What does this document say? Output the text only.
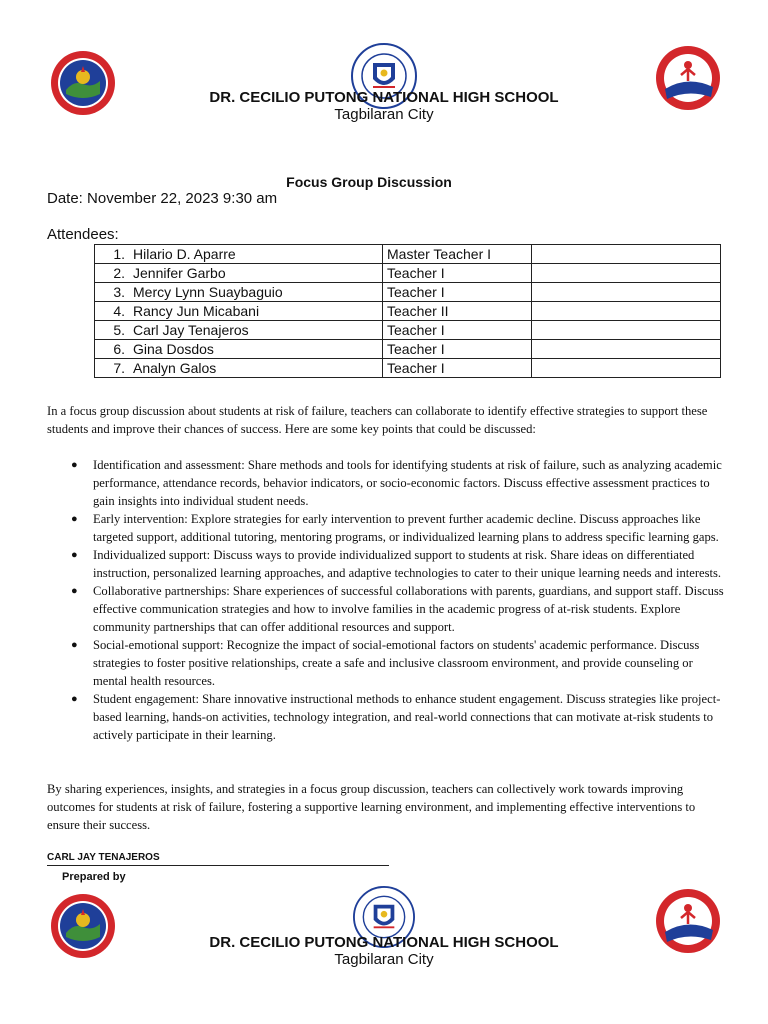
DR. CECILIO PUTONG NATIONAL HIGH SCHOOL
Tagbilaran City
Focus Group Discussion
Date: November 22, 2023 9:30 am
Attendees:
1. Hilario D. Aparre	Master Teacher I	
2. Jennifer Garbo	Teacher I	
3. Mercy Lynn Suaybaguio	Teacher I	
4. Rancy Jun Micabani	Teacher II	
5. Carl Jay Tenajeros	Teacher I	
6. Gina Dosdos	Teacher I	
7. Analyn Galos	Teacher I	
In a focus group discussion about students at risk of failure, teachers can collaborate to identify effective strategies to support these students and improve their chances of success. Here are some key points that could be discussed:
● Identification and assessment: Share methods and tools for identifying students at risk of failure, such as analyzing academic performance, attendance records, behavior indicators, or socio-economic factors. Discuss effective assessment practices to gain insights into individual student needs.
● Early intervention: Explore strategies for early intervention to prevent further academic decline. Discuss approaches like targeted support, additional tutoring, mentoring programs, or individualized learning plans to address specific learning gaps.
● Individualized support: Discuss ways to provide individualized support to students at risk. Share ideas on differentiated instruction, personalized learning approaches, and adaptive technologies to cater to their unique learning needs and interests.
● Collaborative partnerships: Share experiences of successful collaborations with parents, guardians, and support staff. Discuss effective communication strategies and how to involve families in the academic progress of at-risk students. Explore community partnerships that can offer additional resources and support.
● Social-emotional support: Recognize the impact of social-emotional factors on students' academic performance. Discuss strategies to foster positive relationships, create a safe and inclusive classroom environment, and provide counseling or mental health resources.
● Student engagement: Share innovative instructional methods to enhance student engagement. Discuss strategies like project-based learning, hands-on activities, technology integration, and real-world connections that can motivate at-risk students to actively participate in their learning.
By sharing experiences, insights, and strategies in a focus group discussion, teachers can collectively work towards improving outcomes for students at risk of failure, fostering a supportive learning environment, and implementing effective interventions to ensure their success.
CARL JAY TENAJEROS
Prepared by
DR. CECILIO PUTONG NATIONAL HIGH SCHOOL
Tagbilaran City
